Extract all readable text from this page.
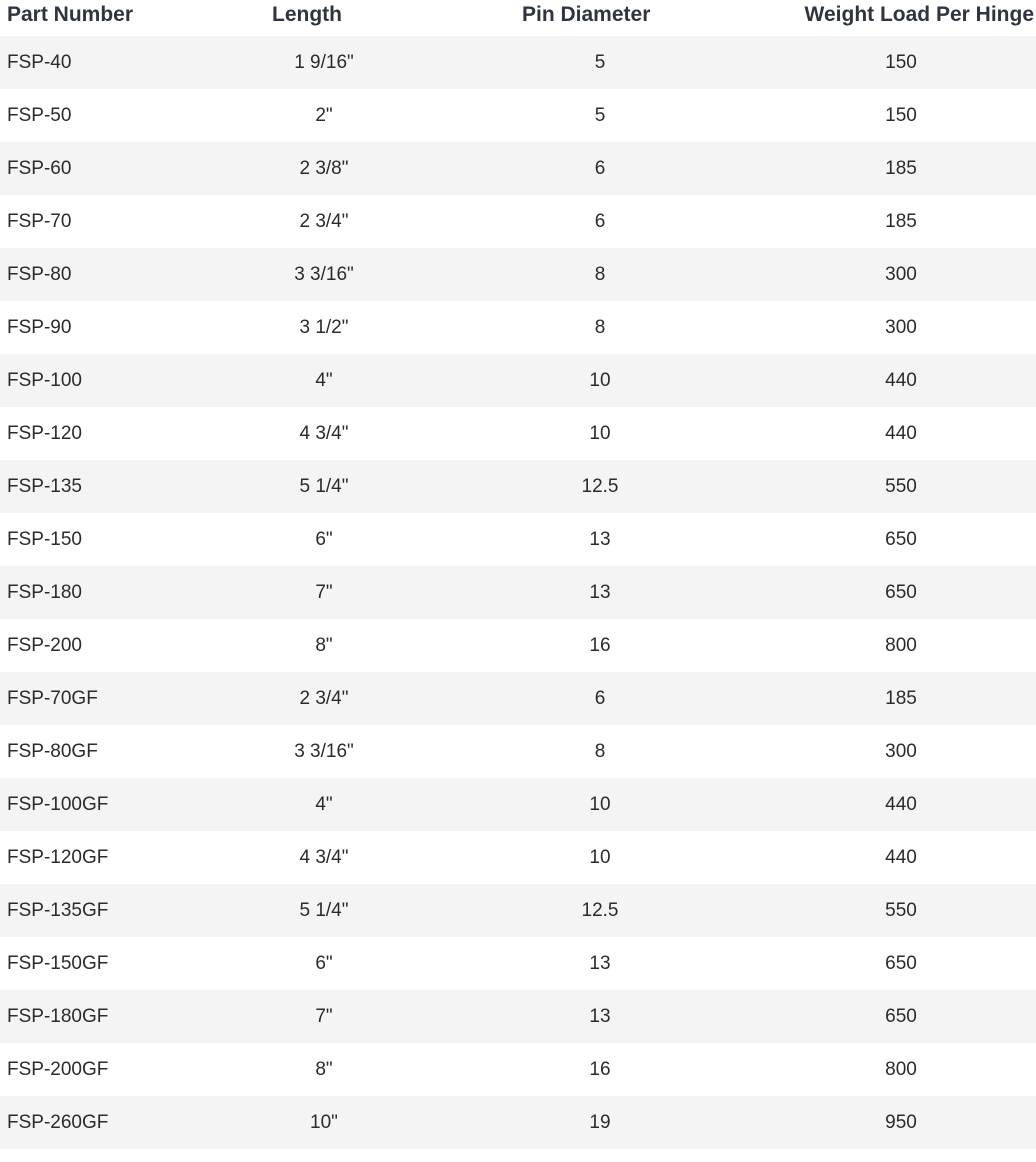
Part Number	Length	Pin Diameter	Weight Load Per Hinge
FSP-40	1 9/16"	5	150
FSP-50	2"	5	150
FSP-60	2 3/8"	6	185
FSP-70	2 3/4"	6	185
FSP-80	3 3/16"	8	300
FSP-90	3 1/2"	8	300
FSP-100	4"	10	440
FSP-120	4 3/4"	10	440
FSP-135	5 1/4"	12.5	550
FSP-150	6"	13	650
FSP-180	7"	13	650
FSP-200	8"	16	800
FSP-70GF	2 3/4"	6	185
FSP-80GF	3 3/16"	8	300
FSP-100GF	4"	10	440
FSP-120GF	4 3/4"	10	440
FSP-135GF	5 1/4"	12.5	550
FSP-150GF	6"	13	650
FSP-180GF	7"	13	650
FSP-200GF	8"	16	800
FSP-260GF	10"	19	950
